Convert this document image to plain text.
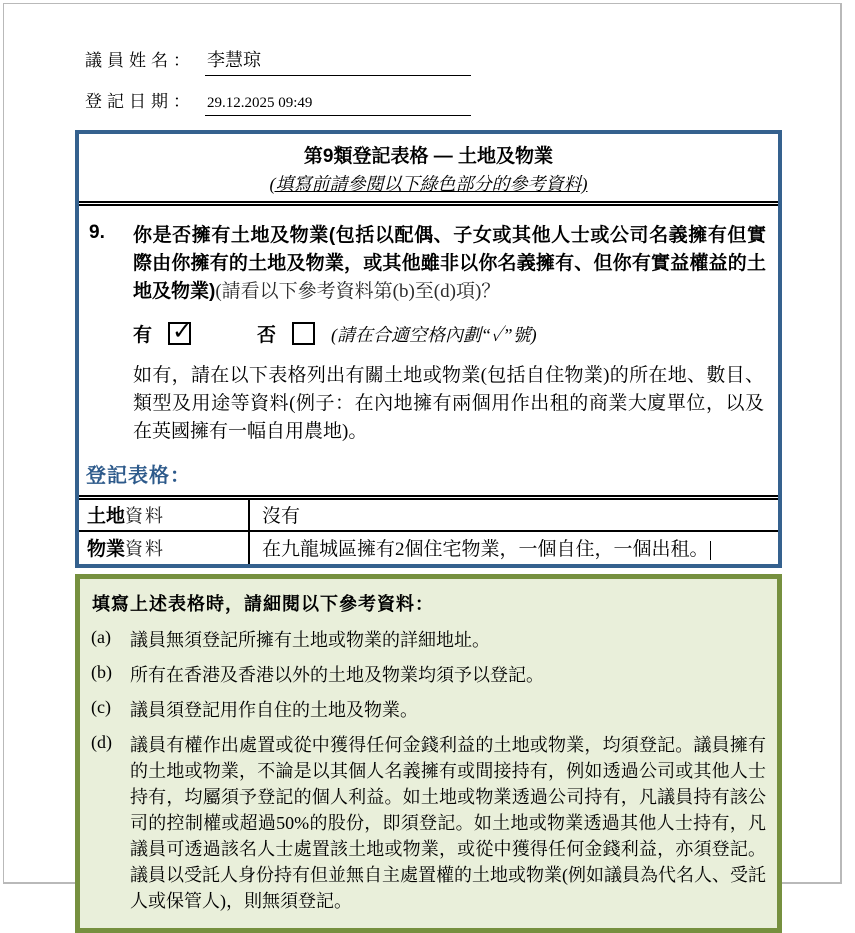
議員姓名： 李慧琼
登記日期： 29.12.2025 09:49
第9類登記表格 — 土地及物業
(填寫前請參閱以下綠色部分的參考資料)
9.	你是否擁有土地及物業(包括以配偶、子女或其他人士或公司名義擁有但實際由你擁有的土地及物業，或其他雖非以你名義擁有、但你有實益權益的土地及物業)(請看以下參考資料第(b)至(d)項)？
有 ✓	否	(請在合適空格內劃“✓”號)
如有，請在以下表格列出有關土地或物業(包括自住物業)的所在地、數目、類型及用途等資料(例子：在內地擁有兩個用作出租的商業大廈單位，以及在英國擁有一幅自用農地)。
登記表格：
土地資料	沒有
物業資料	在九龍城區擁有2個住宅物業，一個自住，一個出租。
填寫上述表格時，請細閱以下參考資料：
(a)	議員無須登記所擁有土地或物業的詳細地址。
(b)	所有在香港及香港以外的土地及物業均須予以登記。
(c)	議員須登記用作自住的土地及物業。
(d)	議員有權作出處置或從中獲得任何金錢利益的土地或物業，均須登記。議員擁有的土地或物業，不論是以其個人名義擁有或間接持有，例如透過公司或其他人士持有，均屬須予登記的個人利益。如土地或物業透過公司持有，凡議員持有該公司的控制權或超過50%的股份，即須登記。如土地或物業透過其他人士持有，凡議員可透過該名人士處置該土地或物業，或從中獲得任何金錢利益，亦須登記。議員以受託人身份持有但並無自主處置權的土地或物業(例如議員為代名人、受託人或保管人)，則無須登記。
